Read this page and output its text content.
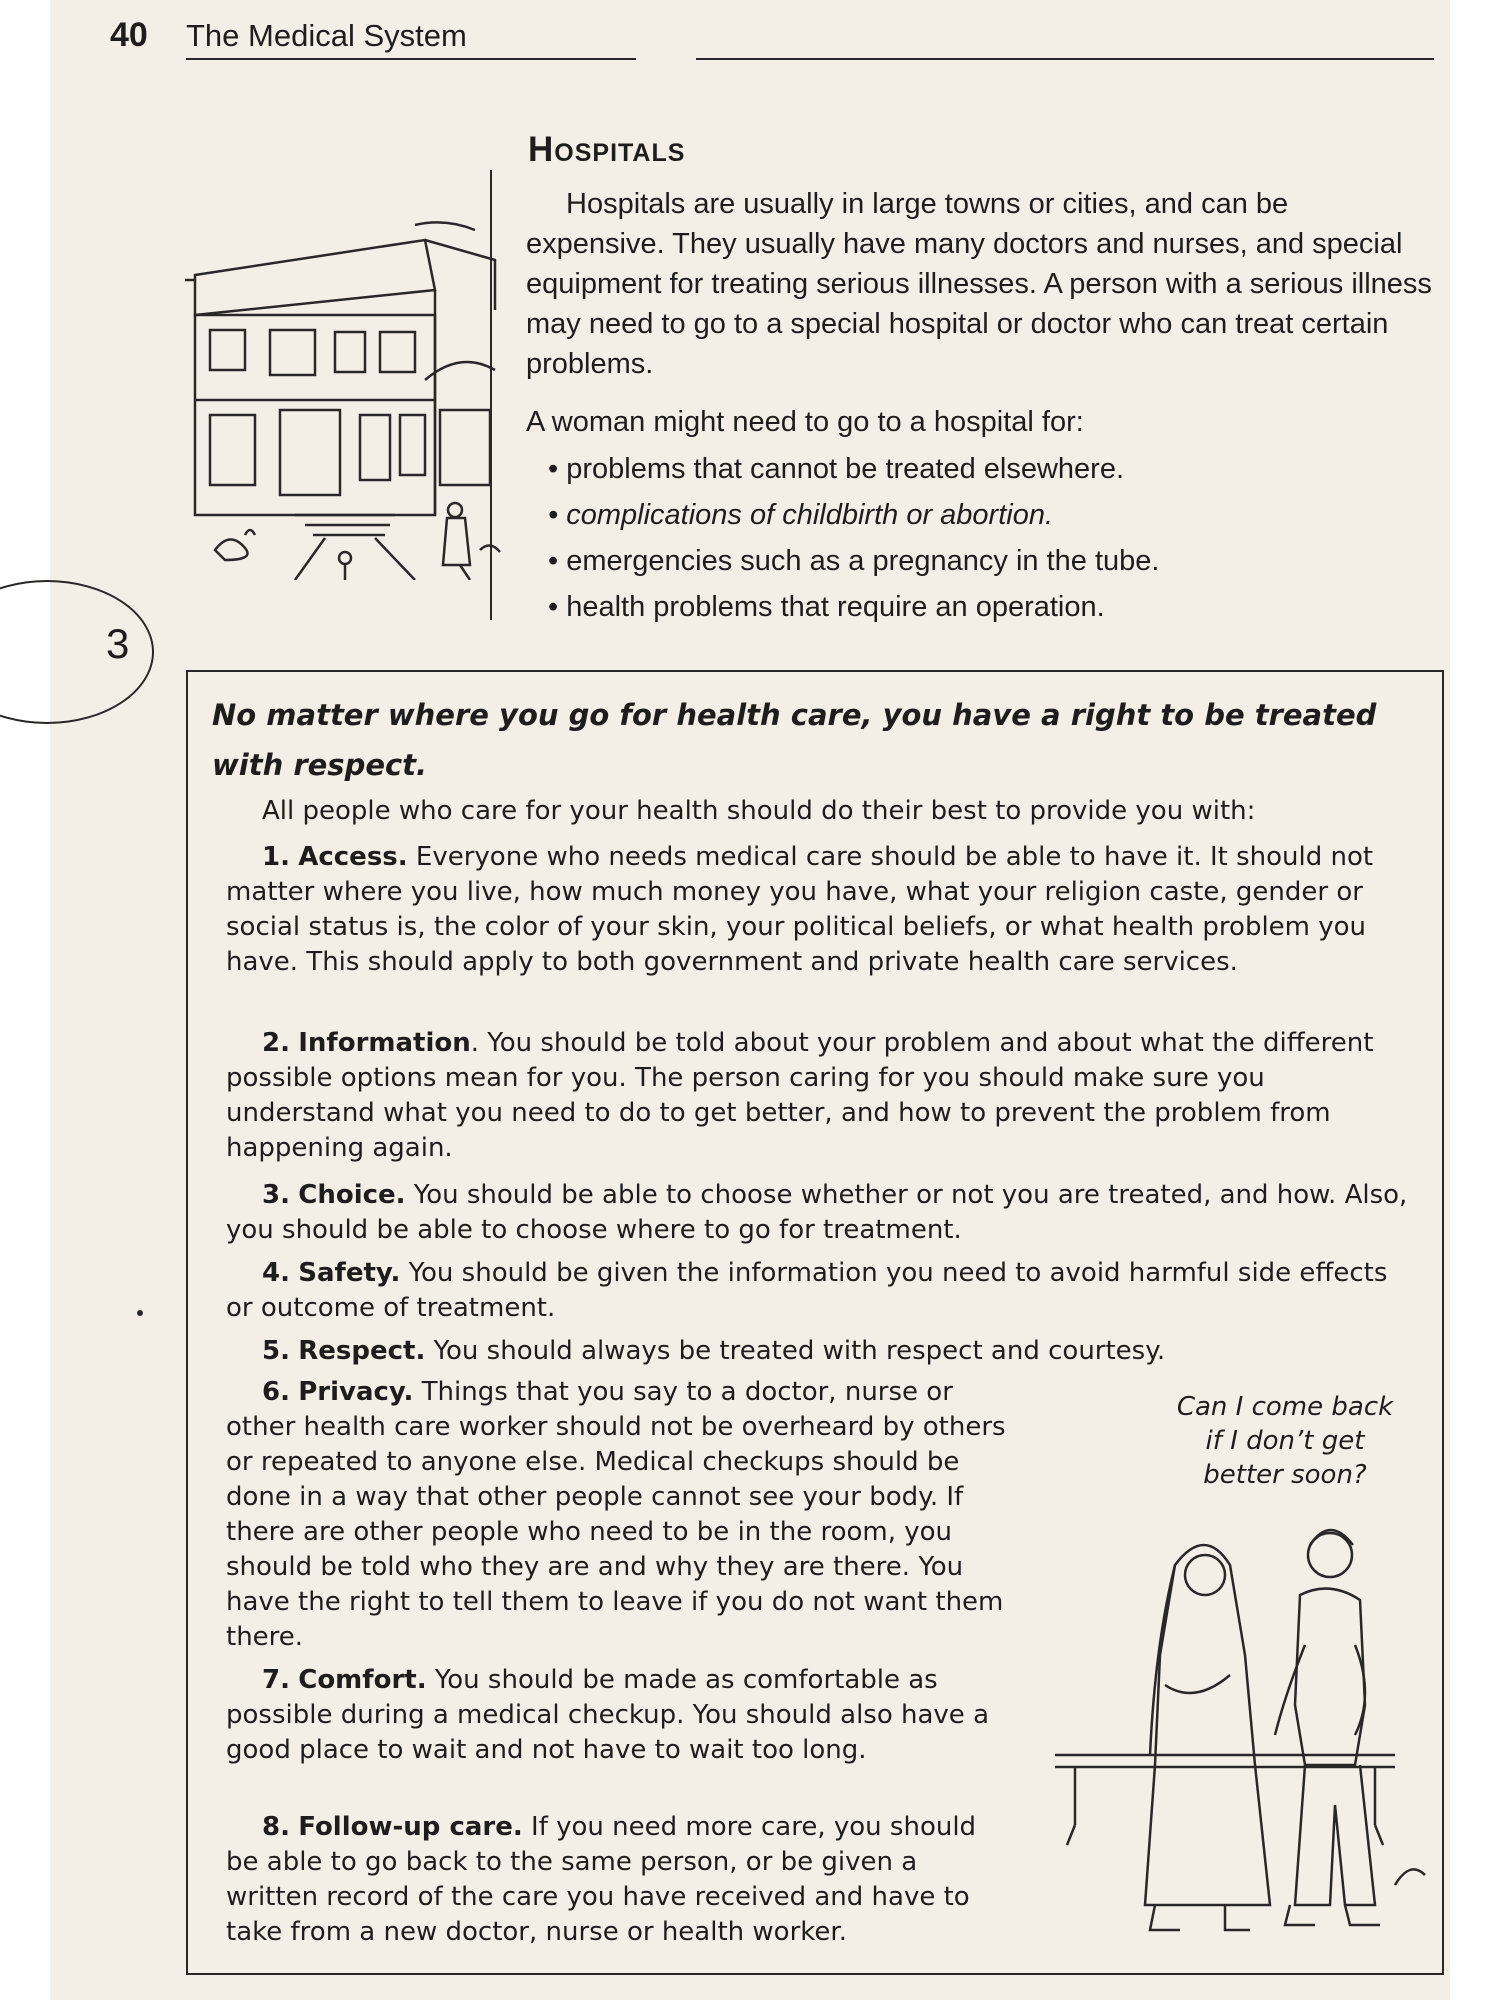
40 The Medical System
Hospitals

Hospitals are usually in large towns or cities, and can be expensive. They usually have many doctors and nurses, and special equipment for treating serious illnesses. A person with a serious illness may need to go to a special hospital or doctor who can treat certain problems.

A woman might need to go to a hospital for:

• problems that cannot be treated elsewhere.
• complications of childbirth or abortion.
• emergencies such as a pregnancy in the tube.
• health problems that require an operation.
3

No matter where you go for health care, you have a right to be treated with respect.

All people who care for your health should do their best to provide you with:

1. Access. Everyone who needs medical care should be able to have it. It should not matter where you live, how much money you have, what your religion caste, gender or social status is, the color of your skin, your political beliefs, or what health problem you have. This should apply to both government and private health care services.

2. Information. You should be told about your problem and about what the different possible options mean for you. The person caring for you should make sure you understand what you need to do to get better, and how to prevent the problem from happening again.

3. Choice. You should be able to choose whether or not you are treated, and how. Also, you should be able to choose where to go for treatment.

4. Safety. You should be given the information you need to avoid harmful side effects or outcome of treatment.

5. Respect. You should always be treated with respect and courtesy.

6. Privacy. Things that you say to a doctor, nurse or other health care worker should not be overheard by others or repeated to anyone else. Medical checkups should be done in a way that other people cannot see your body. If there are other people who need to be in the room, you should be told who they are and why they are there. You have the right to tell them to leave if you do not want them there.

7. Comfort. You should be made as comfortable as possible during a medical checkup. You should also have a good place to wait and not have to wait too long.

8. Follow-up care. If you need more care, you should be able to go back to the same person, or be given a written record of the care you have received and have to take from a new doctor, nurse or health worker.

Can I come back
if I don’t get
better soon?
